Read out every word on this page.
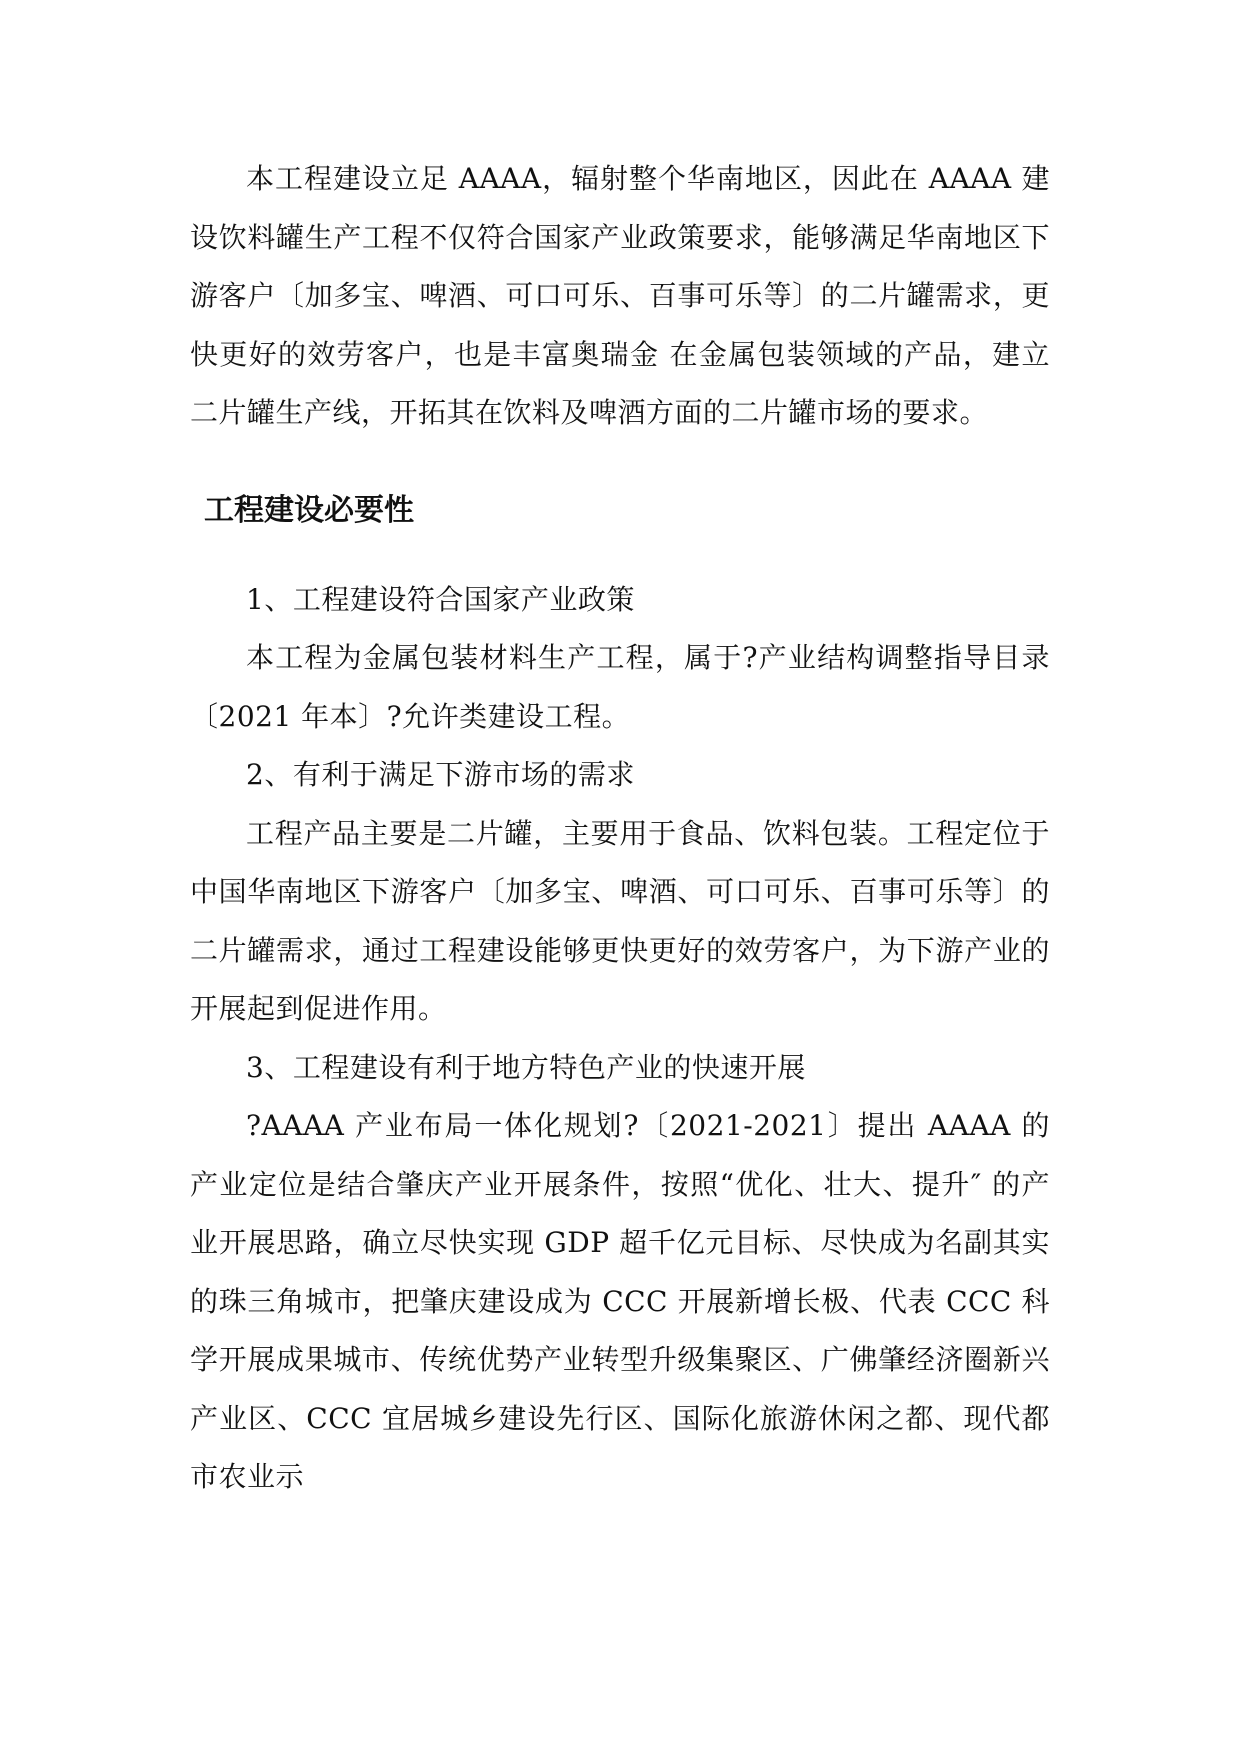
本工程建设立足 AAAA，辐射整个华南地区，因此在 AAAA 建设饮料罐生产工程不仅符合国家产业政策要求，能够满足华南地区下游客户〔加多宝、啤酒、可口可乐、百事可乐等〕的二片罐需求，更快更好的效劳客户，也是丰富奥瑞金 在金属包装领域的产品，建立二片罐生产线，开拓其在饮料及啤酒方面的二片罐市场的要求。

工程建设必要性

1、工程建设符合国家产业政策

本工程为金属包装材料生产工程，属于?产业结构调整指导目录〔2021 年本〕?允许类建设工程。

2、有利于满足下游市场的需求

工程产品主要是二片罐，主要用于食品、饮料包装。工程定位于中国华南地区下游客户〔加多宝、啤酒、可口可乐、百事可乐等〕的二片罐需求，通过工程建设能够更快更好的效劳客户，为下游产业的开展起到促进作用。

3、工程建设有利于地方特色产业的快速开展

?AAAA 产业布局一体化规划?〔2021-2021〕提出 AAAA 的产业定位是结合肇庆产业开展条件，按照“优化、壮大、提升″ 的产业开展思路，确立尽快实现 GDP 超千亿元目标、尽快成为名副其实的珠三角城市，把肇庆建设成为 CCC 开展新增长极、代表 CCC 科学开展成果城市、传统优势产业转型升级集聚区、广佛肇经济圈新兴产业区、CCC 宜居城乡建设先行区、国际化旅游休闲之都、现代都市农业示
